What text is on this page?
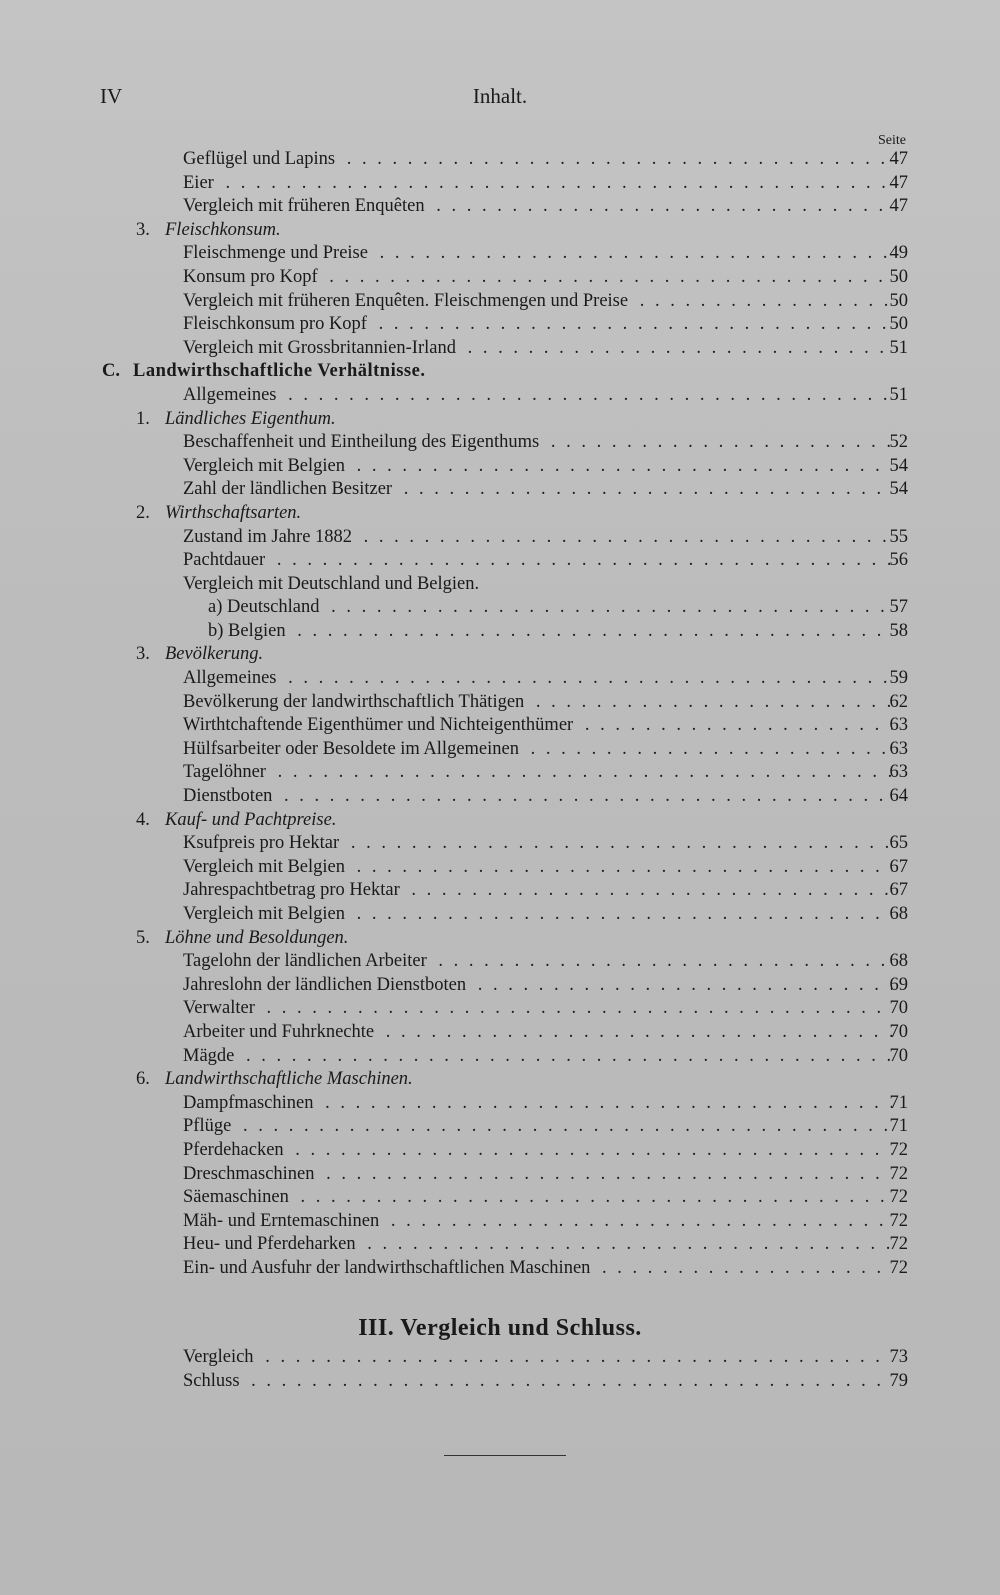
IV	Inhalt.
Seite
Geflügel und Lapins . . .	47
Eier . . .	47
Vergleich mit früheren Enquêten . . .	47
3. Fleischkonsum.
Fleischmenge und Preise . . .	49
Konsum pro Kopf . . .	50
Vergleich mit früheren Enquêten. Fleischmengen und Preise . . .	50
Fleischkonsum pro Kopf . . .	50
Vergleich mit Grossbritannien-Irland . . .	51
C. Landwirthschaftliche Verhältnisse.
Allgemeines . . .	51
1. Ländliches Eigenthum.
Beschaffenheit und Eintheilung des Eigenthums . . .	52
Vergleich mit Belgien . . .	54
Zahl der ländlichen Besitzer . . .	54
2. Wirthschaftsarten.
Zustand im Jahre 1882 . . .	55
Pachtdauer . . .	56
Vergleich mit Deutschland und Belgien.
a) Deutschland . . .	57
b) Belgien . . .	58
3. Bevölkerung.
Allgemeines . . .	59
Bevölkerung der landwirthschaftlich Thätigen . . .	62
Wirthtchaftende Eigenthümer und Nichteigenthümer . . .	63
Hülfsarbeiter oder Besoldete im Allgemeinen . . .	63
Tagelöhner . . .	63
Dienstboten . . .	64
4. Kauf- und Pachtpreise.
Ksufpreis pro Hektar . . .	65
Vergleich mit Belgien . . .	67
Jahrespachtbetrag pro Hektar . . .	67
Vergleich mit Belgien . . .	68
5. Löhne und Besoldungen.
Tagelohn der ländlichen Arbeiter . . .	68
Jahreslohn der ländlichen Dienstboten . . .	69
Verwalter . . .	70
Arbeiter und Fuhrknechte . . .	70
Mägde . . .	70
6. Landwirthschaftliche Maschinen.
Dampfmaschinen . . .	71
Pflüge . . .	71
Pferdehacken . . .	72
Dreschmaschinen . . .	72
Säemaschinen . . .	72
Mäh- und Erntemaschinen . . .	72
Heu- und Pferdeharken . . .	72
Ein- und Ausfuhr der landwirthschaftlichen Maschinen . . .	72
III. Vergleich und Schluss.
Vergleich . . .	73
Schluss . . .	79
